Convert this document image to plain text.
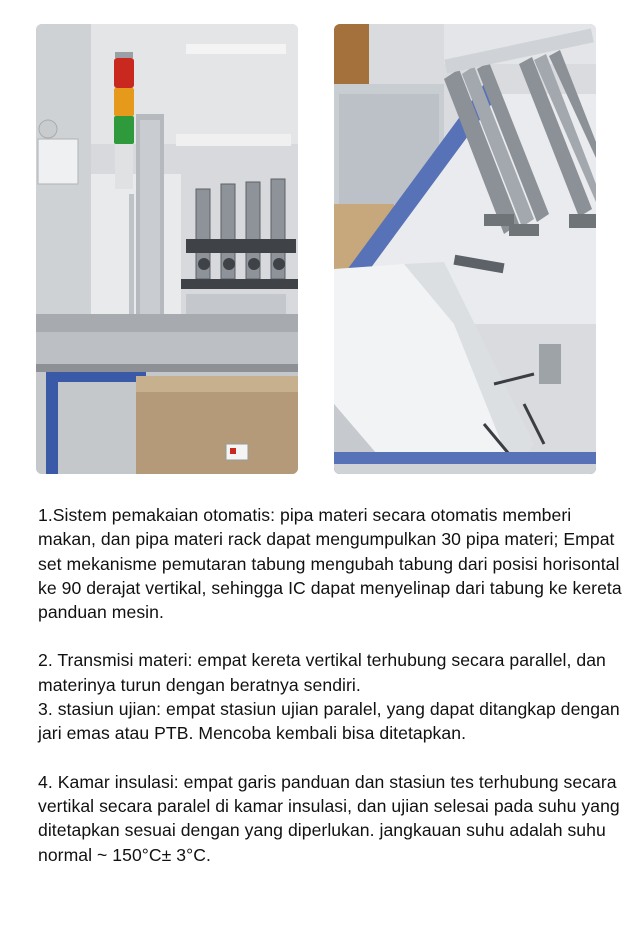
1.Sistem pemakaian otomatis: pipa materi secara otomatis memberi makan, dan pipa materi rack dapat mengumpulkan 30 pipa materi; Empat set mekanisme pemutaran tabung mengubah tabung dari posisi horisontal ke 90 derajat vertikal, sehingga IC dapat menyelinap dari tabung ke kereta panduan mesin.

2. Transmisi materi: empat kereta vertikal terhubung secara parallel, dan materinya turun dengan beratnya sendiri.

3. stasiun ujian: empat stasiun ujian paralel, yang dapat ditangkap dengan jari emas atau PTB. Mencoba kembali bisa ditetapkan.

4. Kamar insulasi: empat garis panduan dan stasiun tes terhubung secara vertikal secara paralel di kamar insulasi, dan ujian selesai pada suhu yang ditetapkan sesuai dengan yang diperlukan. jangkauan suhu adalah suhu normal ~ 150°C± 3°C.
